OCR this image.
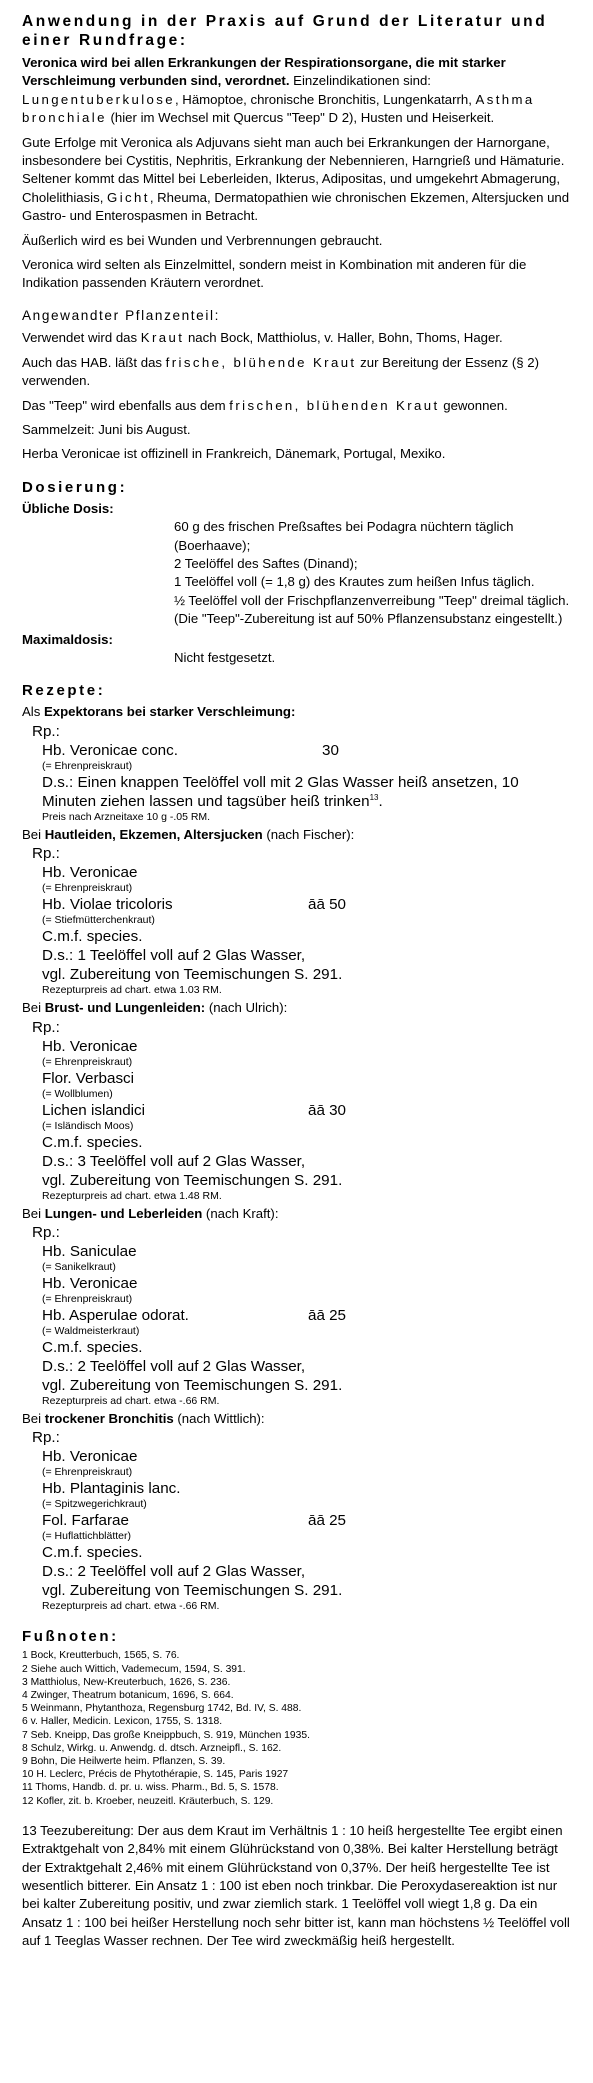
Anwendung in der Praxis auf Grund der Literatur und einer Rundfrage:

Veronica wird bei allen Erkrankungen der Respirationsorgane, die mit starker Verschleimung verbunden sind, verordnet. Einzelindikationen sind: Lungentuberkulose, Hämoptoe, chronische Bronchitis, Lungenkatarrh, Asthma bronchiale (hier im Wechsel mit Quercus "Teep" D 2), Husten und Heiserkeit.

Gute Erfolge mit Veronica als Adjuvans sieht man auch bei Erkrankungen der Harnorgane, insbesondere bei Cystitis, Nephritis, Erkrankung der Nebennieren, Harngrieß und Hämaturie. Seltener kommt das Mittel bei Leberleiden, Ikterus, Adipositas, und umgekehrt Abmagerung, Cholelithiasis, Gicht, Rheuma, Dermatopathien wie chronischen Ekzemen, Altersjucken und Gastro- und Enterospasmen in Betracht.

Äußerlich wird es bei Wunden und Verbrennungen gebraucht.

Veronica wird selten als Einzelmittel, sondern meist in Kombination mit anderen für die Indikation passenden Kräutern verordnet.

Angewandter Pflanzenteil:

Verwendet wird das Kraut nach Bock, Matthiolus, v. Haller, Bohn, Thoms, Hager.

Auch das HAB. läßt das frische, blühende Kraut zur Bereitung der Essenz (§ 2) verwenden.

Das "Teep" wird ebenfalls aus dem frischen, blühenden Kraut gewonnen.

Sammelzeit: Juni bis August.

Herba Veronicae ist offizinell in Frankreich, Dänemark, Portugal, Mexiko.

Dosierung:
Übliche Dosis:
60 g des frischen Preßsaftes bei Podagra nüchtern täglich (Boerhaave);
2 Teelöffel des Saftes (Dinand);
1 Teelöffel voll (= 1,8 g) des Krautes zum heißen Infus täglich.
½ Teelöffel voll der Frischpflanzenverreibung "Teep" dreimal täglich.
(Die "Teep"-Zubereitung ist auf 50% Pflanzensubstanz eingestellt.)
Maximaldosis:
Nicht festgesetzt.
Rezepte:
Als Expektorans bei starker Verschleimung:
Rp.:
Hb. Veronicae conc.	30
(= Ehrenpreiskraut)
D.s.: Einen knappen Teelöffel voll mit 2 Glas Wasser heiß ansetzen, 10 Minuten ziehen lassen und tagsüber heiß trinken$^{13}$.
Preis nach Arzneitaxe 10 g -.05 RM.
Bei Hautleiden, Ekzemen, Altersjucken (nach Fischer):
Rp.:
Hb. Veronicae
(= Ehrenpreiskraut)
Hb. Violae tricoloris	āā 50
(= Stiefmütterchenkraut)
C.m.f. species.
D.s.: 1 Teelöffel voll auf 2 Glas Wasser,
vgl. Zubereitung von Teemischungen S. 291.
Rezepturpreis ad chart. etwa 1.03 RM.
Bei Brust- und Lungenleiden: (nach Ulrich):
Rp.:
Hb. Veronicae
(= Ehrenpreiskraut)
Flor. Verbasci
(= Wollblumen)
Lichen islandici	āā 30
(= Isländisch Moos)
C.m.f. species.
D.s.: 3 Teelöffel voll auf 2 Glas Wasser,
vgl. Zubereitung von Teemischungen S. 291.
Rezepturpreis ad chart. etwa 1.48 RM.
Bei Lungen- und Leberleiden (nach Kraft):
Rp.:
Hb. Saniculae
(= Sanikelkraut)
Hb. Veronicae
(= Ehrenpreiskraut)
Hb. Asperulae odorat.	āā 25
(= Waldmeisterkraut)
C.m.f. species.
D.s.: 2 Teelöffel voll auf 2 Glas Wasser,
vgl. Zubereitung von Teemischungen S. 291.
Rezepturpreis ad chart. etwa -.66 RM.
Bei trockener Bronchitis (nach Wittlich):
Rp.:
Hb. Veronicae
(= Ehrenpreiskraut)
Hb. Plantaginis lanc.
(= Spitzwegerichkraut)
Fol. Farfarae	āā 25
(= Huflattichblätter)
C.m.f. species.
D.s.: 2 Teelöffel voll auf 2 Glas Wasser,
vgl. Zubereitung von Teemischungen S. 291.
Rezepturpreis ad chart. etwa -.66 RM.
Fußnoten:
1 Bock, Kreutterbuch, 1565, S. 76.
2 Siehe auch Wittich, Vademecum, 1594, S. 391.
3 Matthiolus, New-Kreuterbuch, 1626, S. 236.
4 Zwinger, Theatrum botanicum, 1696, S. 664.
5 Weinmann, Phytanthoza, Regensburg 1742, Bd. IV, S. 488.
6 v. Haller, Medicin. Lexicon, 1755, S. 1318.
7 Seb. Kneipp, Das große Kneippbuch, S. 919, München 1935.
8 Schulz, Wirkg. u. Anwendg. d. dtsch. Arzneipfl., S. 162.
9 Bohn, Die Heilwerte heim. Pflanzen, S. 39.
10 H. Leclerc, Précis de Phytothérapie, S. 145, Paris 1927
11 Thoms, Handb. d. pr. u. wiss. Pharm., Bd. 5, S. 1578.
12 Kofler, zit. b. Kroeber, neuzeitl. Kräuterbuch, S. 129.

13 Teezubereitung: Der aus dem Kraut im Verhältnis 1 : 10 heiß hergestellte Tee ergibt einen Extraktgehalt von 2,84% mit einem Glührückstand von 0,38%. Bei kalter Herstellung beträgt der Extraktgehalt 2,46% mit einem Glührückstand von 0,37%. Der heiß hergestellte Tee ist wesentlich bitterer. Ein Ansatz 1 : 100 ist eben noch trinkbar. Die Peroxydasereaktion ist nur bei kalter Zubereitung positiv, und zwar ziemlich stark. 1 Teelöffel voll wiegt 1,8 g. Da ein Ansatz 1 : 100 bei heißer Herstellung noch sehr bitter ist, kann man höchstens ½ Teelöffel voll auf 1 Teeglas Wasser rechnen. Der Tee wird zweckmäßig heiß hergestellt.
